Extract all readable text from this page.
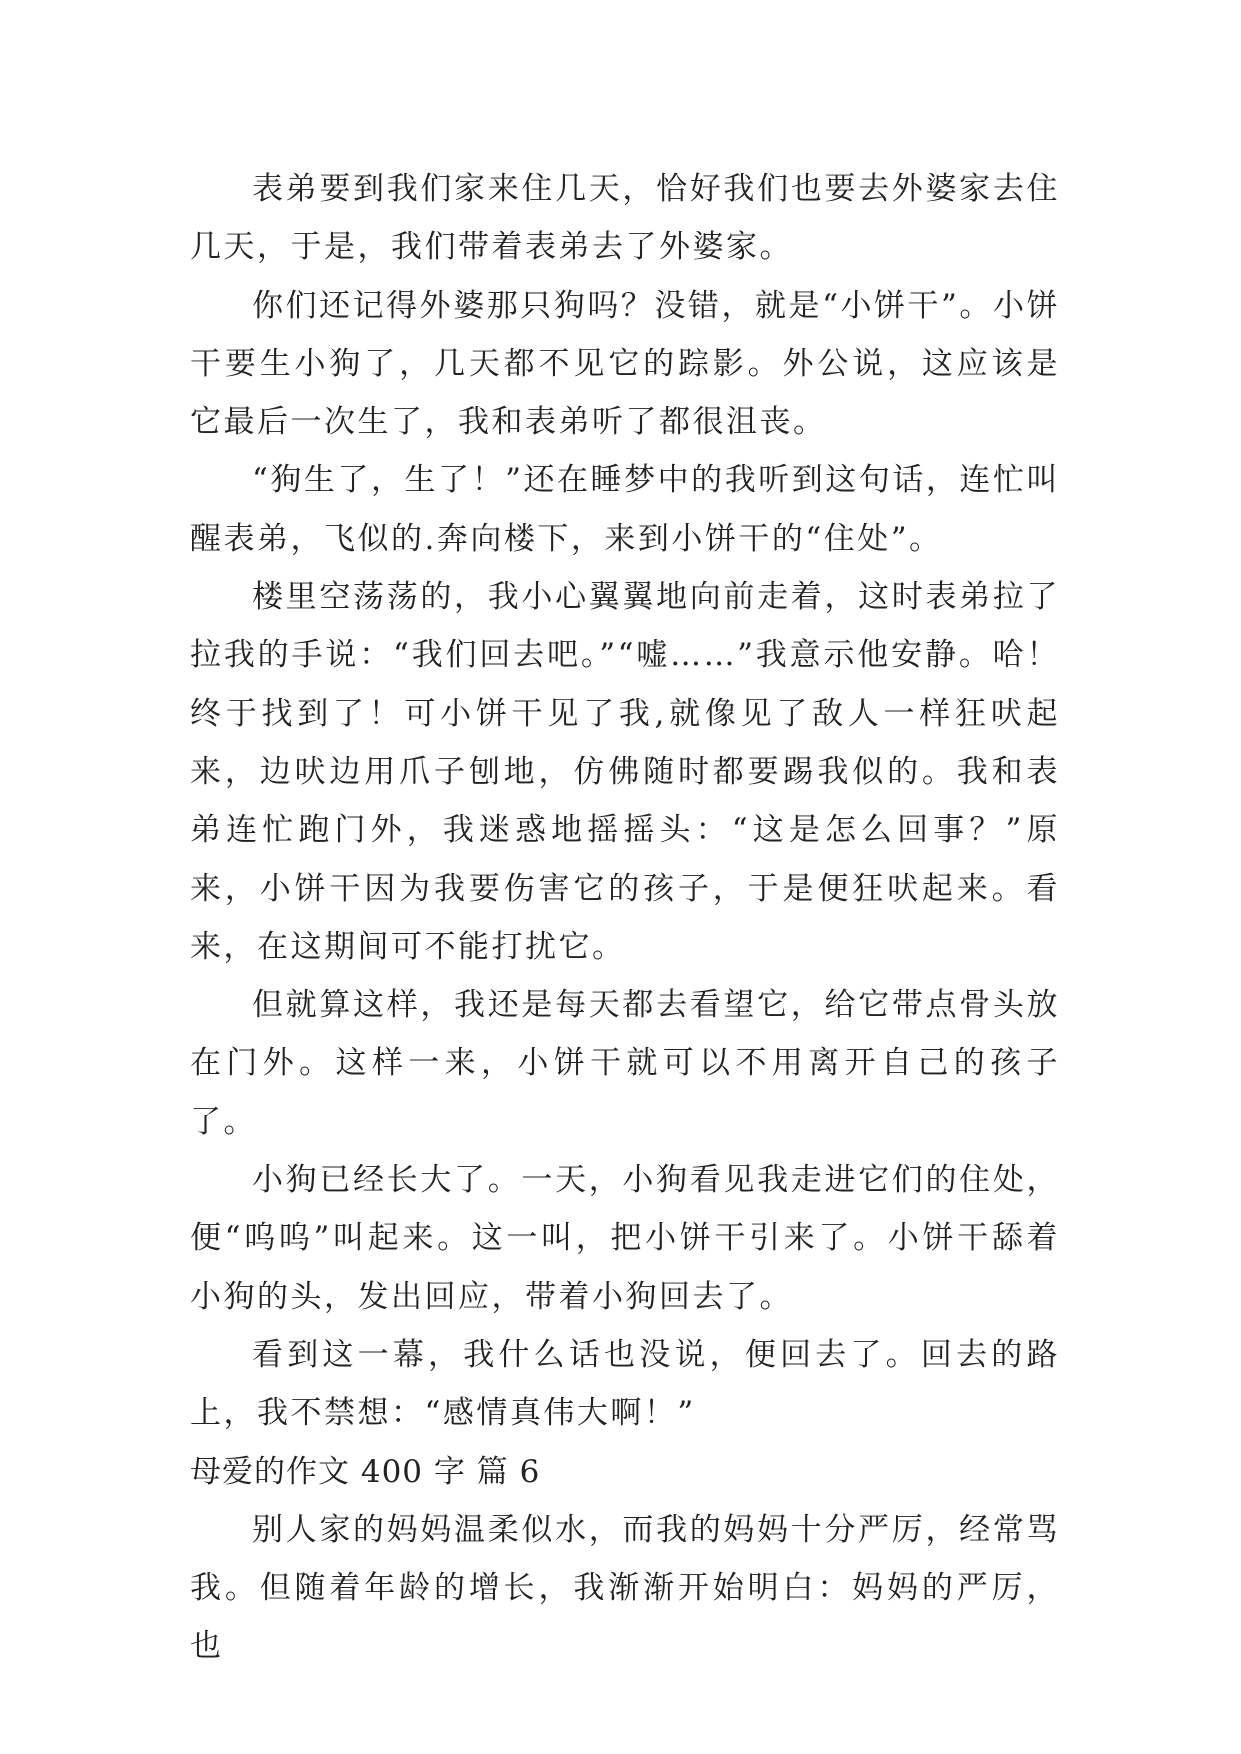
表弟要到我们家来住几天，恰好我们也要去外婆家去住几天，于是，我们带着表弟去了外婆家。

你们还记得外婆那只狗吗？没错，就是“小饼干”。小饼干要生小狗了，几天都不见它的踪影。外公说，这应该是它最后一次生了，我和表弟听了都很沮丧。

“狗生了，生了！”还在睡梦中的我听到这句话，连忙叫醒表弟，飞似的.奔向楼下，来到小饼干的“住处”。

楼里空荡荡的，我小心翼翼地向前走着，这时表弟拉了拉我的手说：“我们回去吧。”“嘘……”我意示他安静。哈！终于找到了！可小饼干见了我,就像见了敌人一样狂吠起来，边吠边用爪子刨地，仿佛随时都要踢我似的。我和表弟连忙跑门外，我迷惑地摇摇头：“这是怎么回事？”原来，小饼干因为我要伤害它的孩子，于是便狂吠起来。看来，在这期间可不能打扰它。

但就算这样，我还是每天都去看望它，给它带点骨头放在门外。这样一来，小饼干就可以不用离开自己的孩子了。

小狗已经长大了。一天，小狗看见我走进它们的住处，便“呜呜”叫起来。这一叫，把小饼干引来了。小饼干舔着小狗的头，发出回应，带着小狗回去了。

看到这一幕，我什么话也没说，便回去了。回去的路上，我不禁想：“感情真伟大啊！”

母爱的作文 400 字 篇 6

别人家的妈妈温柔似水，而我的妈妈十分严厉，经常骂我。但随着年龄的增长，我渐渐开始明白：妈妈的严厉，也
